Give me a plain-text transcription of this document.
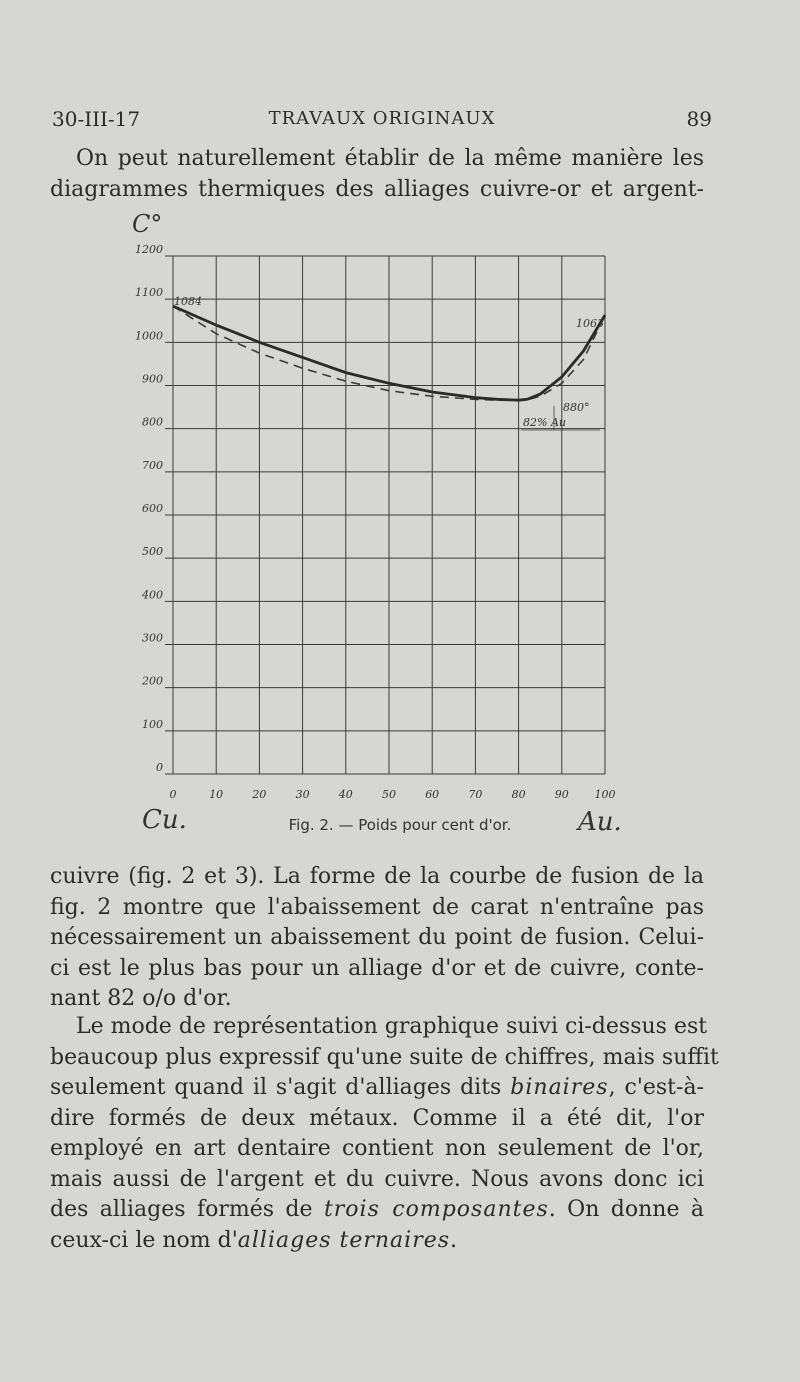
30-III-17	TRAVAUX ORIGINAUX	89
On peut naturellement établir de la même manière les
diagrammes thermiques des alliages cuivre-or et argent-
0
100
200
300
400
500
600
700
800
900
1000
1100
1200
0	10	20	30	40	50	60	70	80	90 100
C°
1084
1063
880°
82% Au
Cu.	Au.
Fig. 2. — Poids pour cent d'or.
cuivre (fig. 2 et 3). La forme de la courbe de fusion de la
fig. 2 montre que l'abaissement de carat n'entraîne pas
nécessairement un abaissement du point de fusion. Celui-
ci est le plus bas pour un alliage d'or et de cuivre, conte-
nant 82 o/o d'or.
Le mode de représentation graphique suivi ci-dessus est
beaucoup plus expressif qu'une suite de chiffres, mais suffit
seulement quand il s'agit d'alliages dits binaires, c'est-à-
dire formés de deux métaux. Comme il a été dit, l'or
employé en art dentaire contient non seulement de l'or,
mais aussi de l'argent et du cuivre. Nous avons donc ici
des alliages formés de trois composantes. On donne à
ceux-ci le nom d'alliages ternaires.
